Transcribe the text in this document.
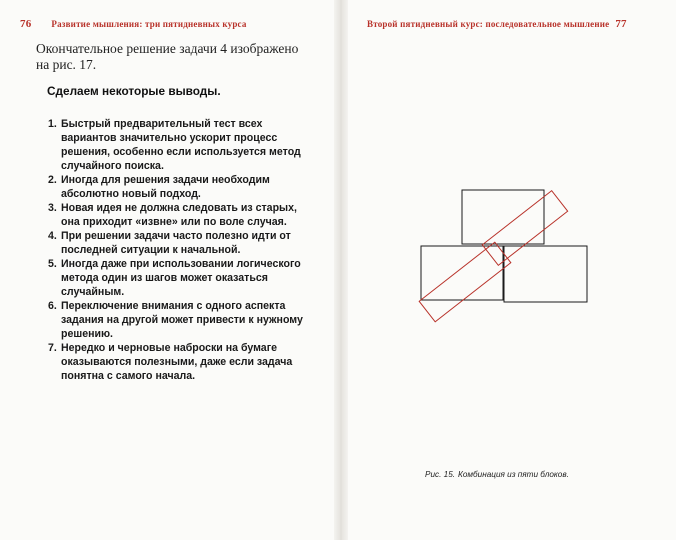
76 Развитие мышления: три пятидневных курса

Окончательное решение задачи 4 изображено на рис. 17.

Сделаем некоторые выводы.

1. Быстрый предварительный тест всех вариантов значительно ускорит процесс решения, особенно если используется метод случайного поиска.
2. Иногда для решения задачи необходим абсолютно новый подход.
3. Новая идея не должна следовать из старых, она приходит «извне» или по воле случая.
4. При решении задачи часто полезно идти от последней ситуации к начальной.
5. Иногда даже при использовании логического метода один из шагов может оказаться случайным.
6. Переключение внимания с одного аспекта задания на другой может привести к нужному решению.
7. Нередко и черновые наброски на бумаге оказываются полезными, даже если задача понятна с самого начала.
Второй пятидневный курс: последовательное мышление 77
Рис. 15. Комбинация из пяти блоков.
